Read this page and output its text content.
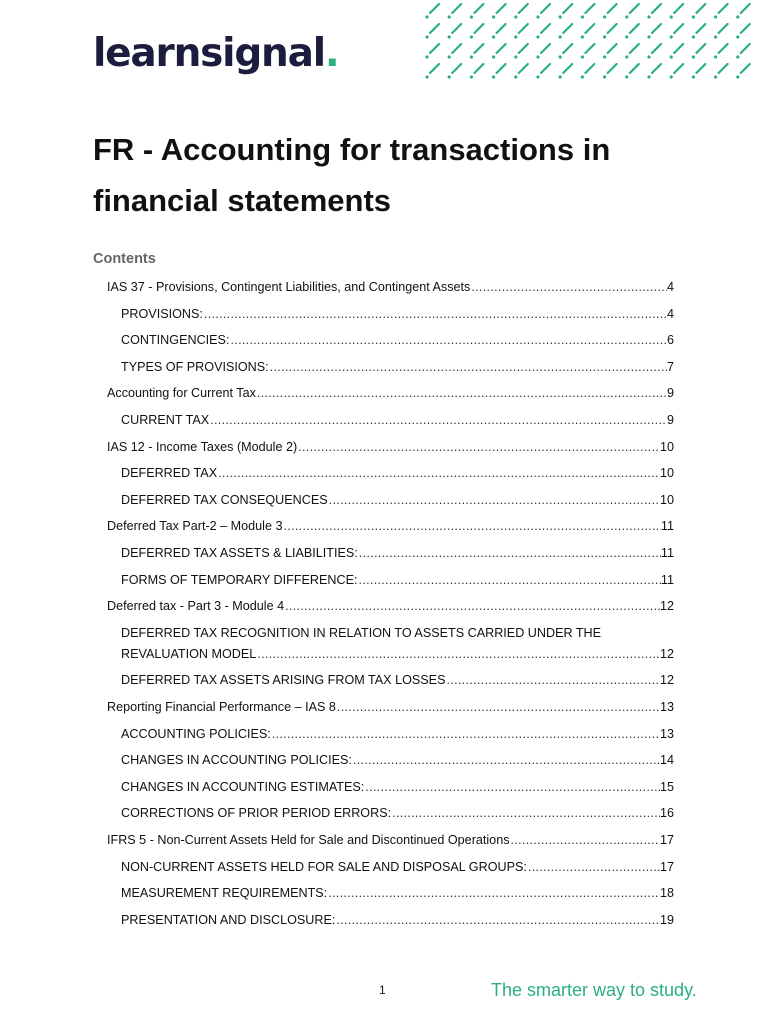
learnsignal.
FR - Accounting for transactions in
financial statements
Contents
IAS 37 - Provisions, Contingent Liabilities, and Contingent Assets .....	4
PROVISIONS: .....	4
CONTINGENCIES: .....	6
TYPES OF PROVISIONS: .....	7
Accounting for Current Tax .....	9
CURRENT TAX .....	9
IAS 12 - Income Taxes (Module 2) .....	10
DEFERRED TAX .....	10
DEFERRED TAX CONSEQUENCES .....	10
Deferred Tax Part-2 – Module 3 .....	11
DEFERRED TAX ASSETS & LIABILITIES: .....	11
FORMS OF TEMPORARY DIFFERENCE: .....	11
Deferred tax - Part 3 - Module 4 .....	12
DEFERRED TAX RECOGNITION IN RELATION TO ASSETS CARRIED UNDER THE
REVALUATION MODEL .....	12
DEFERRED TAX ASSETS ARISING FROM TAX LOSSES .....	12
Reporting Financial Performance – IAS 8 .....	13
ACCOUNTING POLICIES: .....	13
CHANGES IN ACCOUNTING POLICIES: .....	14
CHANGES IN ACCOUNTING ESTIMATES: .....	15
CORRECTIONS OF PRIOR PERIOD ERRORS: .....	16
IFRS 5 - Non-Current Assets Held for Sale and Discontinued Operations .....	17
NON-CURRENT ASSETS HELD FOR SALE AND DISPOSAL GROUPS: .....	17
MEASUREMENT REQUIREMENTS: .....	18
PRESENTATION AND DISCLOSURE: .....	19
1	The smarter way to study.
